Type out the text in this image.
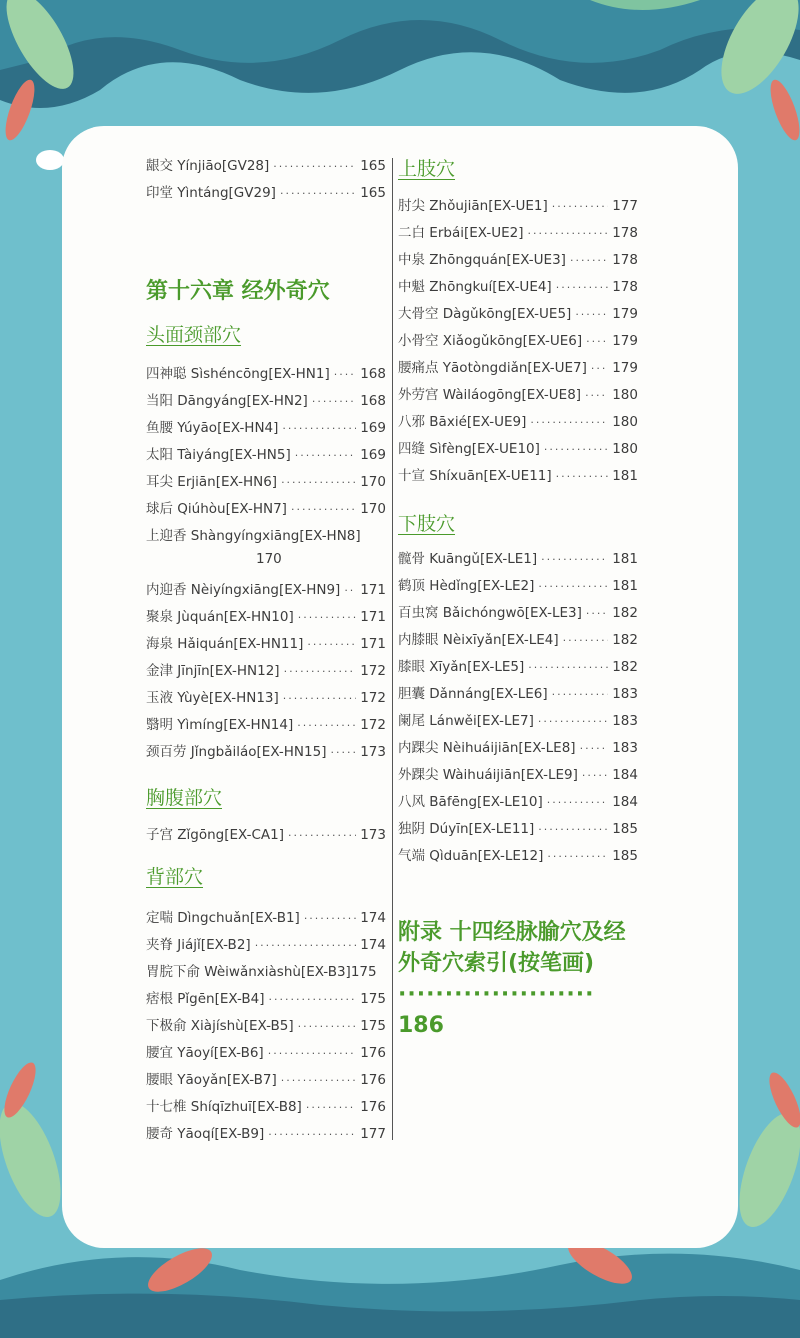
龈交 Yínjiāo[GV28] ·····	165
印堂 Yìntáng[GV29] ·····	165
第十六章 经外奇穴
头面颈部穴
四神聪 Sìshéncōng[EX-HN1] ····· 168
当阳 Dāngyáng[EX-HN2] ·····	168
鱼腰 Yúyāo[EX-HN4] ·····	169
太阳 Tàiyáng[EX-HN5] ·····	169
耳尖 Erjiān[EX-HN6] ·····	170
球后 Qiúhòu[EX-HN7] ·····	170
上迎香 Shàngyíngxiāng[EX-HN8]
170
内迎香 Nèiyíngxiāng[EX-HN9] ····· 171
聚泉 Jùquán[EX-HN10] ·····	171
海泉 Hǎiquán[EX-HN11] ·····	171
金津 Jīnjīn[EX-HN12] ·····	172
玉液 Yùyè[EX-HN13] ·····	172
翳明 Yìmíng[EX-HN14] ·····	172
颈百劳 Jǐngbǎiláo[EX-HN15] ·····	173
胸腹部穴
子宫 Zǐgōng[EX-CA1] ·····	173
背部穴
定喘 Dìngchuǎn[EX-B1] ·····	174
夹脊 Jiájǐ[EX-B2] ·····	174
胃脘下俞 Wèiwǎnxiàshù[EX-B3] 175
痞根 Pǐgēn[EX-B4] ·····	175
下极俞 Xiàjíshù[EX-B5] ·····	175
腰宜 Yāoyí[EX-B6] ·····	176
腰眼 Yāoyǎn[EX-B7] ·····	176
十七椎 Shíqīzhuī[EX-B8] ·····	176
腰奇 Yāoqí[EX-B9] ·····	177
上肢穴
肘尖 Zhǒujiān[EX-UE1] ·····	177
二白 Erbái[EX-UE2] ·····	178
中泉 Zhōngquán[EX-UE3] ·····	178
中魁 Zhōngkuí[EX-UE4] ·····	178
大骨空 Dàgǔkōng[EX-UE5] ·····	179
小骨空 Xiǎogǔkōng[EX-UE6] ····· 179
腰痛点 Yāotòngdiǎn[EX-UE7] ····· 179
外劳宫 Wàiláogōng[EX-UE8] ····· 180
八邪 Bāxié[EX-UE9] ·····	180
四缝 Sìfèng[EX-UE10] ·····	180
十宣 Shíxuān[EX-UE11] ·····	181
下肢穴
髋骨 Kuāngǔ[EX-LE1] ·····	181
鹤顶 Hèdǐng[EX-LE2] ·····	181
百虫窝 Bǎichóngwō[EX-LE3] ····· 182
内膝眼 Nèixīyǎn[EX-LE4] ·····	182
膝眼 Xīyǎn[EX-LE5] ·····	182
胆囊 Dǎnnáng[EX-LE6] ·····	183
阑尾 Lánwěi[EX-LE7] ·····	183
内踝尖 Nèihuáijiān[EX-LE8] ·····	183
外踝尖 Wàihuáijiān[EX-LE9] ·····	184
八风 Bāfēng[EX-LE10] ·····	184
独阴 Dúyīn[EX-LE11] ·····	185
气端 Qìduān[EX-LE12] ·····	185
附录 十四经脉腧穴及经外奇穴索引(按笔画) ·····················
186
